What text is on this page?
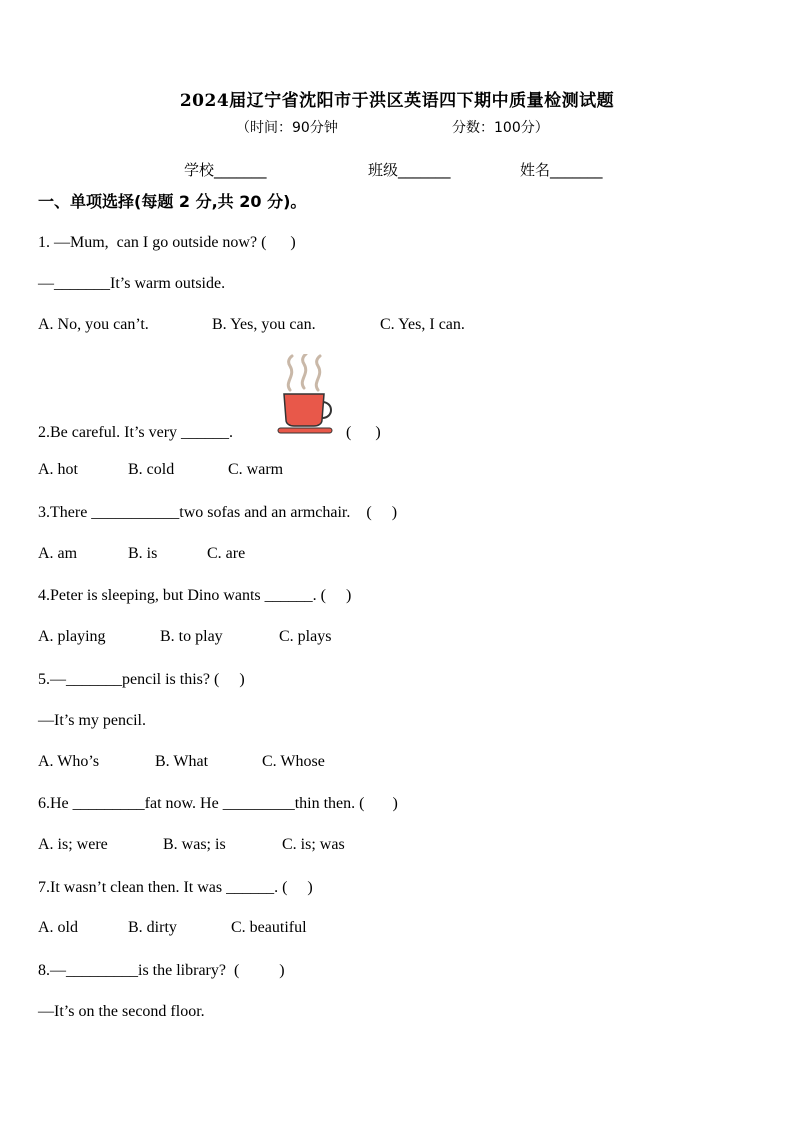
2024届辽宁省沈阳市于洪区英语四下期中质量检测试题
（时间：90分钟	分数：100分）
学校_______	班级_______	姓名_______
一、单项选择(每题 2 分,共 20 分)。
1. —Mum,  can I go outside now? (      )
—_______It’s warm outside.
A. No, you can’t.	B. Yes, you can.	C. Yes, I can.
2.Be careful. It’s very ______.	(      )
A. hot	B. cold	C. warm
3.There ___________two sofas and an armchair.    (     )
A. am	B. is	C. are
4.Peter is sleeping, but Dino wants ______. (     )
A. playing	B. to play	C. plays
5.—_______pencil is this? (     )
—It’s my pencil.
A. Who’s	B. What	C. Whose
6.He _________fat now. He _________thin then. (       )
A. is; were	B. was; is	C. is; was
7.It wasn’t clean then. It was ______. (     )
A. old	B. dirty	C. beautiful
8.—_________is the library?  (          )
—It’s on the second floor.
